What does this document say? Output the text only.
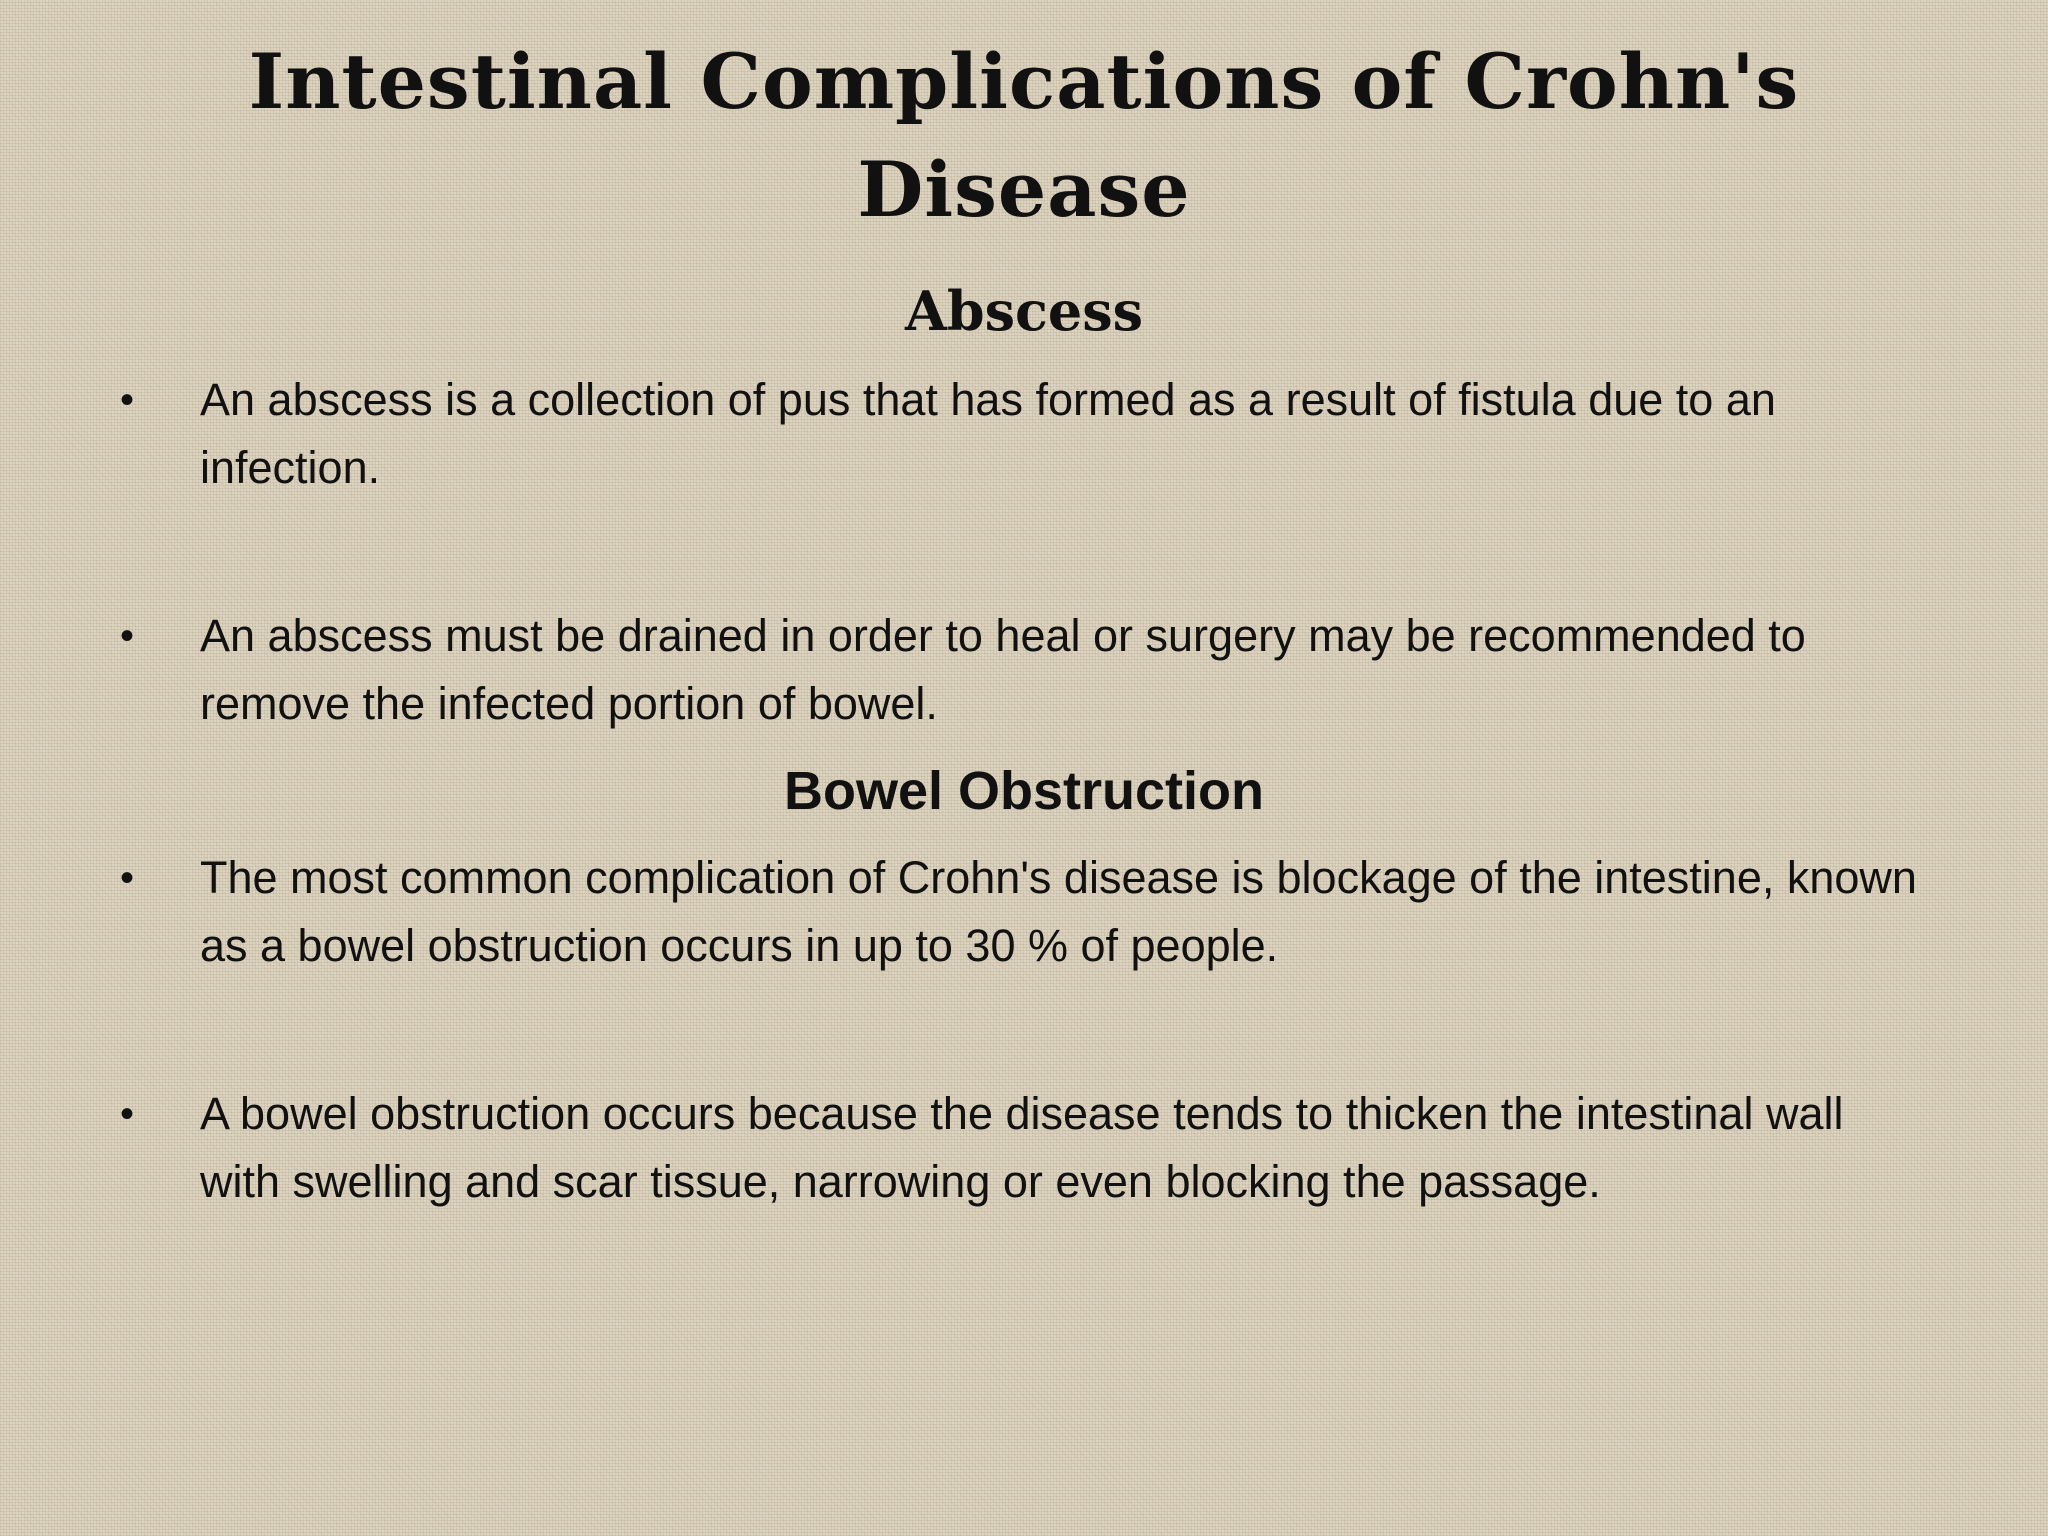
Intestinal Complications of Crohn's Disease
Abscess
•	An abscess is a collection of pus that has formed as a result of fistula due to an infection.
•	An abscess must be drained in order to heal or surgery may be recommended to remove the infected portion of bowel.
Bowel Obstruction
•	The most common complication of Crohn's disease is blockage of the intestine, known as a bowel obstruction occurs in up to 30 % of people.
•	A bowel obstruction occurs because the disease tends to thicken the intestinal wall with swelling and scar tissue, narrowing or even blocking the passage.
